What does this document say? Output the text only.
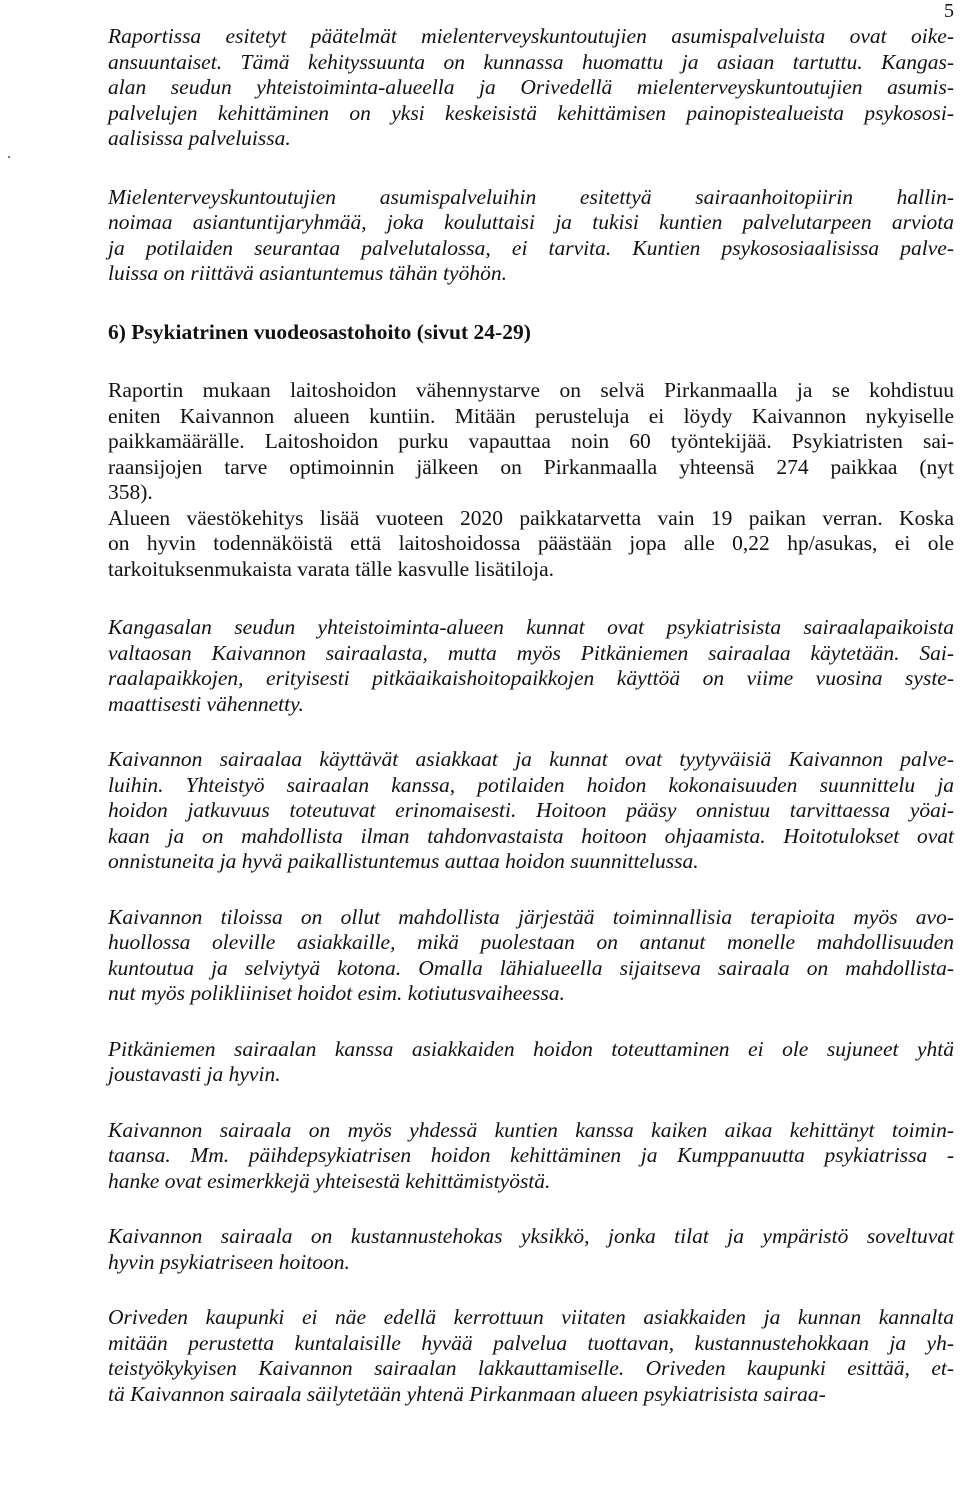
5
Raportissa esitetyt päätelmät mielenterveyskuntoutujien asumispalveluista ovat oike-
ansuuntaiset. Tämä kehityssuunta on kunnassa huomattu ja asiaan tartuttu. Kangas-
alan seudun yhteistoiminta-alueella ja Orivedellä mielenterveyskuntoutujien asumis-
palvelujen kehittäminen on yksi keskeisistä kehittämisen painopistealueista psykososi-
aalisissa palveluissa.
Mielenterveyskuntoutujien asumispalveluihin esitettyä sairaanhoitopiirin hallin-
noimaa asiantuntijaryhmää, joka kouluttaisi ja tukisi kuntien palvelutarpeen arviota
ja potilaiden seurantaa palvelutalossa, ei tarvita. Kuntien psykososiaalisissa palve-
luissa on riittävä asiantuntemus tähän työhön.
6) Psykiatrinen vuodeosastohoito (sivut 24-29)
Raportin mukaan laitoshoidon vähennystarve on selvä Pirkanmaalla ja se kohdistuu
eniten Kaivannon alueen kuntiin. Mitään perusteluja ei löydy Kaivannon nykyiselle
paikkamäärälle. Laitoshoidon purku vapauttaa noin 60 työntekijää. Psykiatristen sai-
raansijojen tarve optimoinnin jälkeen on Pirkanmaalla yhteensä 274 paikkaa (nyt
358).
Alueen väestökehitys lisää vuoteen 2020 paikkatarvetta vain 19 paikan verran. Koska
on hyvin todennäköistä että laitoshoidossa päästään jopa alle 0,22 hp/asukas, ei ole
tarkoituksenmukaista varata tälle kasvulle lisätiloja.
Kangasalan seudun yhteistoiminta-alueen kunnat ovat psykiatrisista sairaalapaikoista
valtaosan Kaivannon sairaalasta, mutta myös Pitkäniemen sairaalaa käytetään. Sai-
raalapaikkojen, erityisesti pitkäaikaishoitopaikkojen käyttöä on viime vuosina syste-
maattisesti vähennetty.
Kaivannon sairaalaa käyttävät asiakkaat ja kunnat ovat tyytyväisiä Kaivannon palve-
luihin. Yhteistyö sairaalan kanssa, potilaiden hoidon kokonaisuuden suunnittelu ja
hoidon jatkuvuus toteutuvat erinomaisesti. Hoitoon pääsy onnistuu tarvittaessa yöai-
kaan ja on mahdollista ilman tahdonvastaista hoitoon ohjaamista. Hoitotulokset ovat
onnistuneita ja hyvä paikallistuntemus auttaa hoidon suunnittelussa.
Kaivannon tiloissa on ollut mahdollista järjestää toiminnallisia terapioita myös avo-
huollossa oleville asiakkaille, mikä puolestaan on antanut monelle mahdollisuuden
kuntoutua ja selviytyä kotona. Omalla lähialueella sijaitseva sairaala on mahdollista-
nut myös polikliiniset hoidot esim. kotiutusvaiheessa.
Pitkäniemen sairaalan kanssa asiakkaiden hoidon toteuttaminen ei ole sujuneet yhtä
joustavasti ja hyvin.
Kaivannon sairaala on myös yhdessä kuntien kanssa kaiken aikaa kehittänyt toimin-
taansa. Mm. päihdepsykiatrisen hoidon kehittäminen ja Kumppanuutta psykiatrissa -
hanke ovat esimerkkejä yhteisestä kehittämistyöstä.
Kaivannon sairaala on kustannustehokas yksikkö, jonka tilat ja ympäristö soveltuvat
hyvin psykiatriseen hoitoon.
Oriveden kaupunki ei näe edellä kerrottuun viitaten asiakkaiden ja kunnan kannalta
mitään perustetta kuntalaisille hyvää palvelua tuottavan, kustannustehokkaan ja yh-
teistyökykyisen Kaivannon sairaalan lakkauttamiselle. Oriveden kaupunki esittää, et-
tä Kaivannon sairaala säilytetään yhtenä Pirkanmaan alueen psykiatrisista sairaa-
